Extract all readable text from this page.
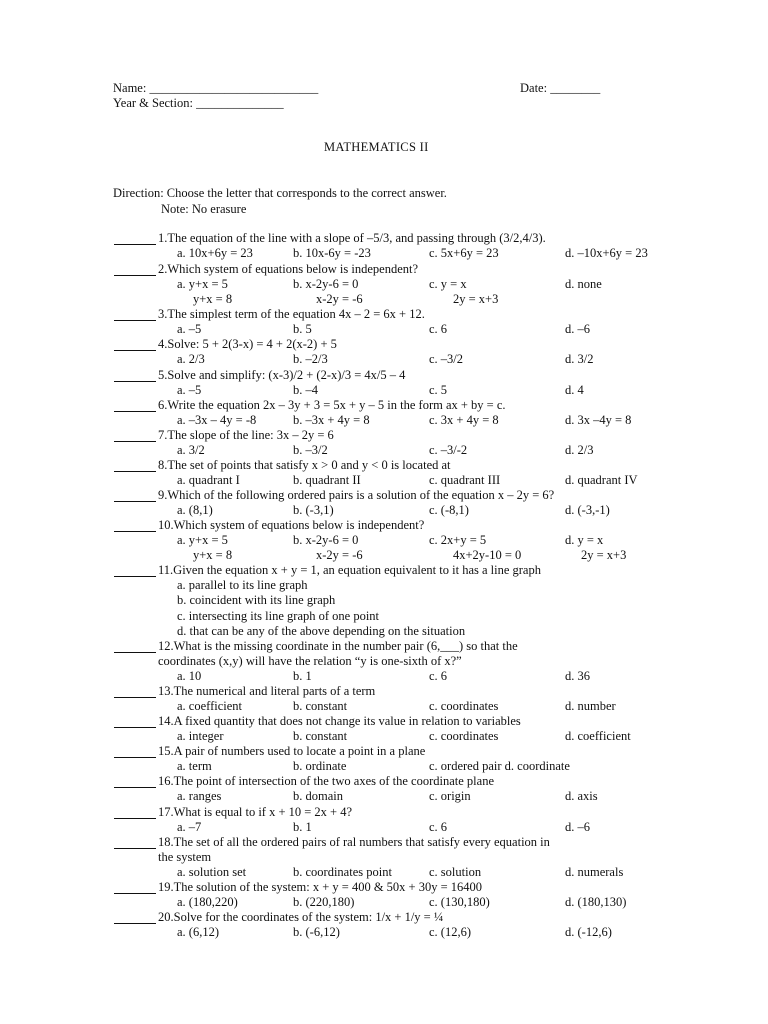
Name: ___________________________	Date: ________
Year & Section: ______________
MATHEMATICS II
Direction: Choose the letter that corresponds to the correct answer.
Note: No erasure
1.The equation of the line with a slope of –5/3, and passing through (3/2,4/3).
a. 10x+6y = 23	b. 10x-6y = -23	c. 5x+6y = 23	d. –10x+6y = 23
2.Which system of equations below is independent?
a. y+x = 5	b. x-2y-6 = 0	c. y = x	d. none
y+x = 8	x-2y = -6	2y = x+3
3.The simplest term of the equation 4x – 2 = 6x + 12.
a. –5	b. 5	c. 6	d. –6
4.Solve: 5 + 2(3-x) = 4 + 2(x-2) + 5
a. 2/3	b. –2/3	c. –3/2	d. 3/2
5.Solve and simplify: (x-3)/2 + (2-x)/3 = 4x/5 – 4
a. –5	b. –4	c. 5	d. 4
6.Write the equation 2x – 3y + 3 = 5x + y – 5 in the form ax + by = c.
a. –3x – 4y = -8	b. –3x + 4y = 8	c. 3x + 4y = 8	d. 3x –4y = 8
7.The slope of the line: 3x – 2y = 6
a. 3/2	b. –3/2	c. –3/-2	d. 2/3
8.The set of points that satisfy x > 0 and y < 0 is located at
a. quadrant I	b. quadrant II	c. quadrant III	d. quadrant IV
9.Which of the following ordered pairs is a solution of the equation x – 2y = 6?
a. (8,1)	b. (-3,1)	c. (-8,1)	d. (-3,-1)
10.Which system of equations below is independent?
a. y+x = 5	b. x-2y-6 = 0	c. 2x+y = 5	d. y = x
y+x = 8	x-2y = -6	4x+2y-10 = 0	2y = x+3
11.Given the equation x + y = 1, an equation equivalent to it has a line graph
a. parallel to its line graph
b. coincident with its line graph
c. intersecting its line graph of one point
d. that can be any of the above depending on the situation
12.What is the missing coordinate in the number pair (6,___) so that the
coordinates (x,y) will have the relation “y is one-sixth of x?”
a. 10	b. 1	c. 6	d. 36
13.The numerical and literal parts of a term
a. coefficient	b. constant	c. coordinates	d. number
14.A fixed quantity that does not change its value in relation to variables
a. integer	b. constant	c. coordinates	d. coefficient
15.A pair of numbers used to locate a point in a plane
a. term	b. ordinate	c. ordered pair d. coordinate
16.The point of intersection of the two axes of the coordinate plane
a. ranges	b. domain	c. origin	d. axis
17.What is equal to if x + 10 = 2x + 4?
a. –7	b. 1	c. 6	d. –6
18.The set of all the ordered pairs of ral numbers that satisfy every equation in
the system
a. solution set	b. coordinates point	c. solution	d. numerals
19.The solution of the system: x + y = 400 & 50x + 30y = 16400
a. (180,220)	b. (220,180)	c. (130,180)	d. (180,130)
20.Solve for the coordinates of the system: 1/x + 1/y = ¼
a. (6,12)	b. (-6,12)	c. (12,6)	d. (-12,6)
